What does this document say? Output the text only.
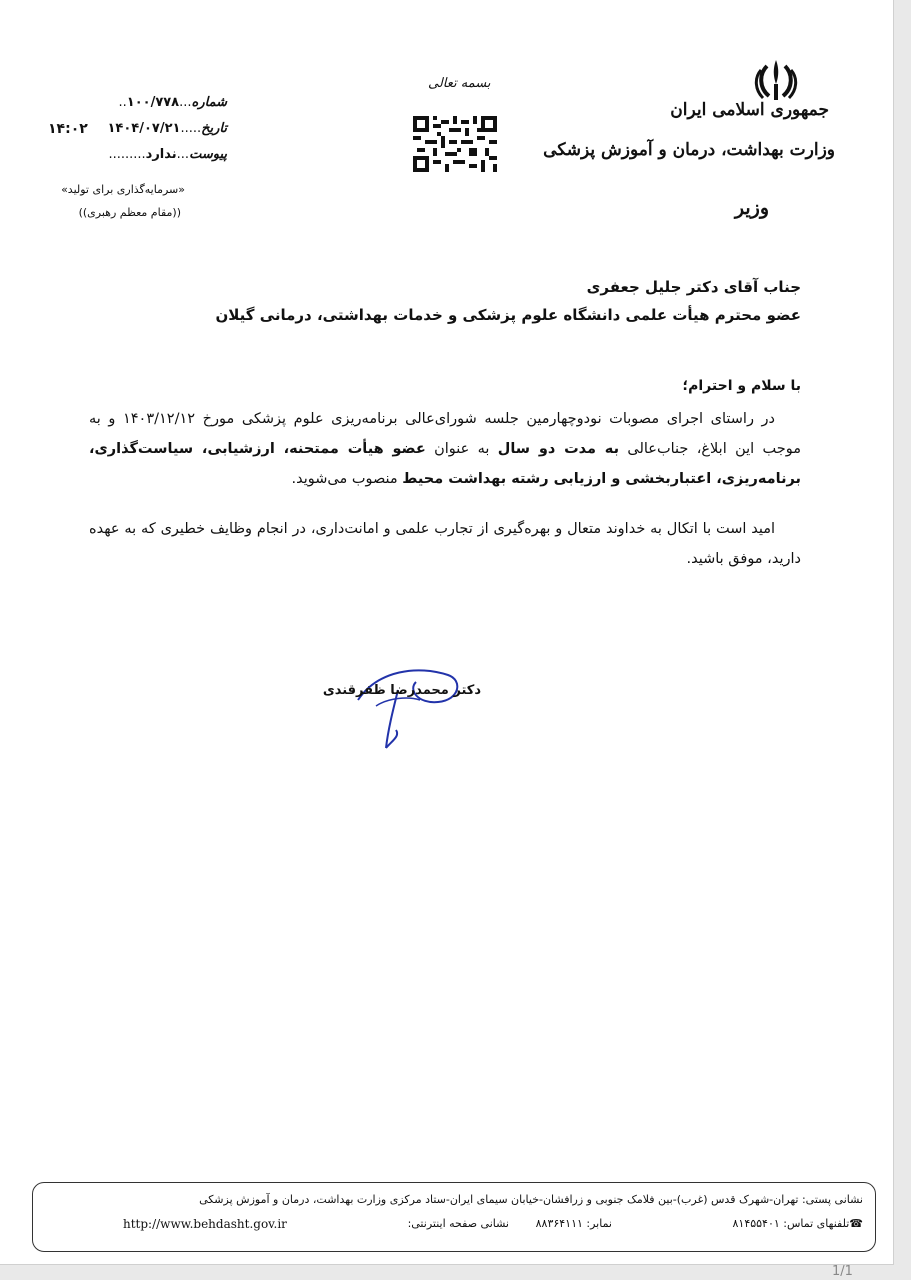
جمهوری اسلامی ایران
وزارت بهداشت، درمان و آموزش پزشکی
وزیر
بسمه تعالی
شماره...۱۰۰/۷۷۸..
تاریخ.....۱۴۰۴/۰۷/۲۱
پیوست...ندارد.........
۱۴:۰۲
«سرمایه‌گذاری برای تولید»
((مقام معظم رهبری))
جناب آقای دکتر جلیل جعفری
عضو محترم هیأت علمی دانشگاه علوم پزشکی و خدمات بهداشتی، درمانی گیلان
با سلام و احترام؛
در راستای اجرای مصوبات نودوچهارمین جلسه شورای‌عالی برنامه‌ریزی علوم پزشکی مورخ ۱۴۰۳/۱۲/۱۲ و به موجب این ابلاغ، جناب‌عالی به مدت دو سال به عنوان عضو هیأت ممتحنه، ارزشیابی، سیاست‌گذاری، برنامه‌ریزی، اعتباربخشی و ارزیابی رشته بهداشت محیط منصوب می‌شوید.
امید است با اتکال به خداوند متعال و بهره‌گیری از تجارب علمی و امانت‌داری، در انجام وظایف خطیری که به عهده دارید، موفق باشید.
دکتر محمدرضا ظفرقندی
نشانی پستی: تهران-شهرک قدس (غرب)-بین فلامک جنوبی و زرافشان-خیابان سیمای ایران-ستاد مرکزی وزارت بهداشت، درمان و آموزش پزشکی
☎تلفنهای تماس: ۸۱۴۵۵۴۰۱
نمابر: ۸۸۳۶۴۱۱۱
نشانی صفحه اینترنتی:
http://www.behdasht.gov.ir
1/1
